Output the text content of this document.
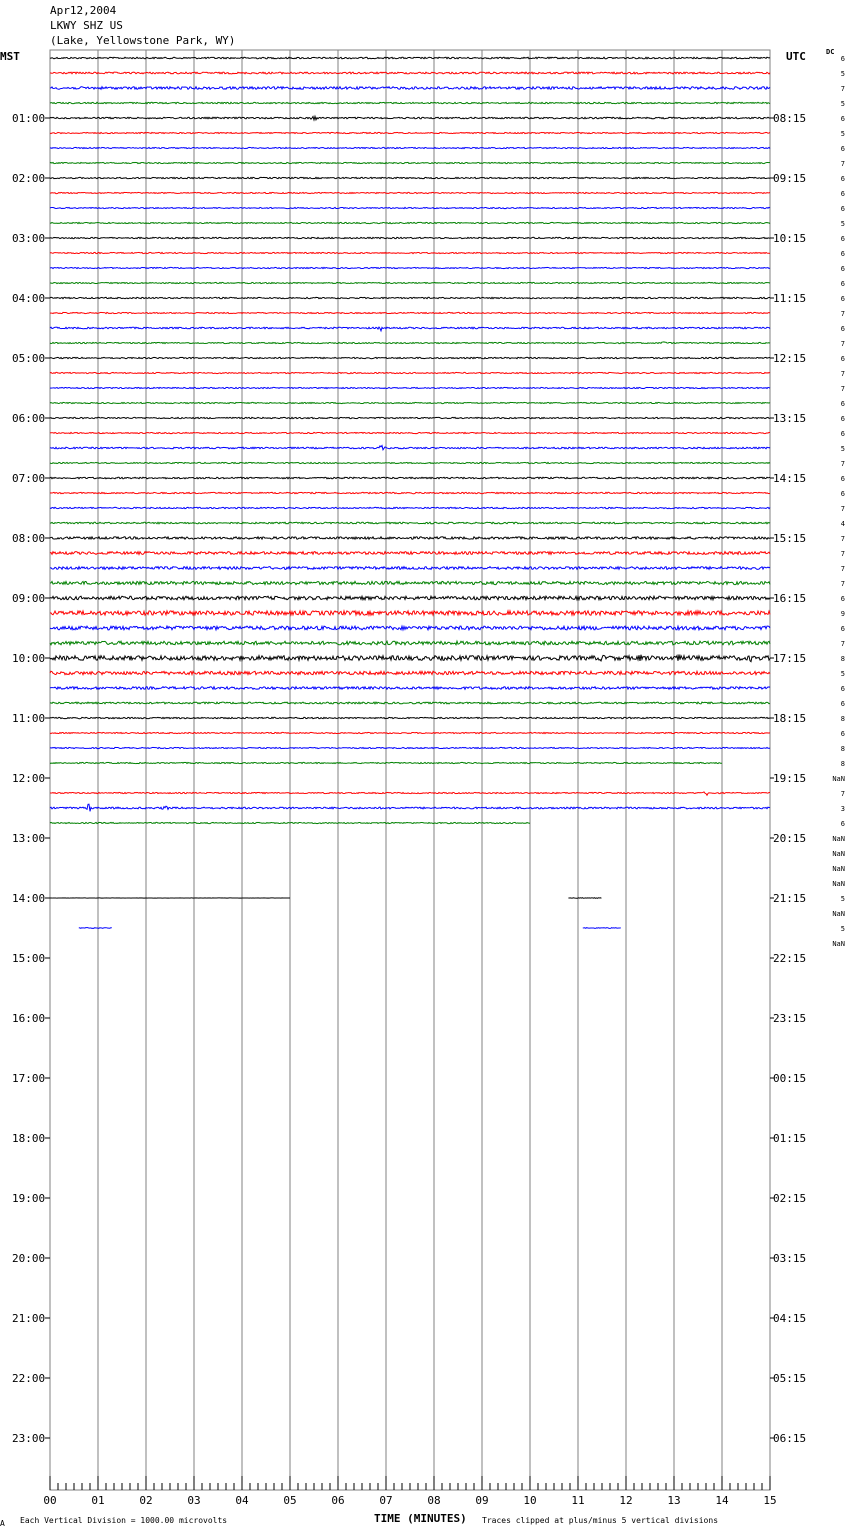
Apr12,2004
LKWY SHZ US
(Lake, Yellowstone Park, WY)
MST	UTC	DC
00	01	02	03	04	05	06	07	08	09	10	11	12	13	14	15
01:00	08:15
02:00	09:15
03:00	10:15
04:00	11:15
05:00	12:15
06:00	13:15
07:00	14:15
08:00	15:15
09:00	16:15
10:00	17:15
11:00	18:15
12:00	19:15
13:00	20:15
14:00	21:15
15:00	22:15
16:00	23:15
17:00	00:15
18:00	01:15
19:00	02:15
20:00	03:15
21:00	04:15
22:00	05:15
23:00	06:15
6
5
7
5
6
5
6
7
6
6
6
5
6
6
6
6
6
7
6
7
6
7
7
6
6
6
5
7
6
6
7
4
7
7
7
7
6
9
6
7
8
5
6
6
8
6
8
8
NaN
7
3
6
NaN
NaN
NaN
NaN
5
NaN
5
NaN
A Each Vertical Division = 1000.00 microvolts	TIME (MINUTES) Traces clipped at plus/minus 5 vertical divisions
